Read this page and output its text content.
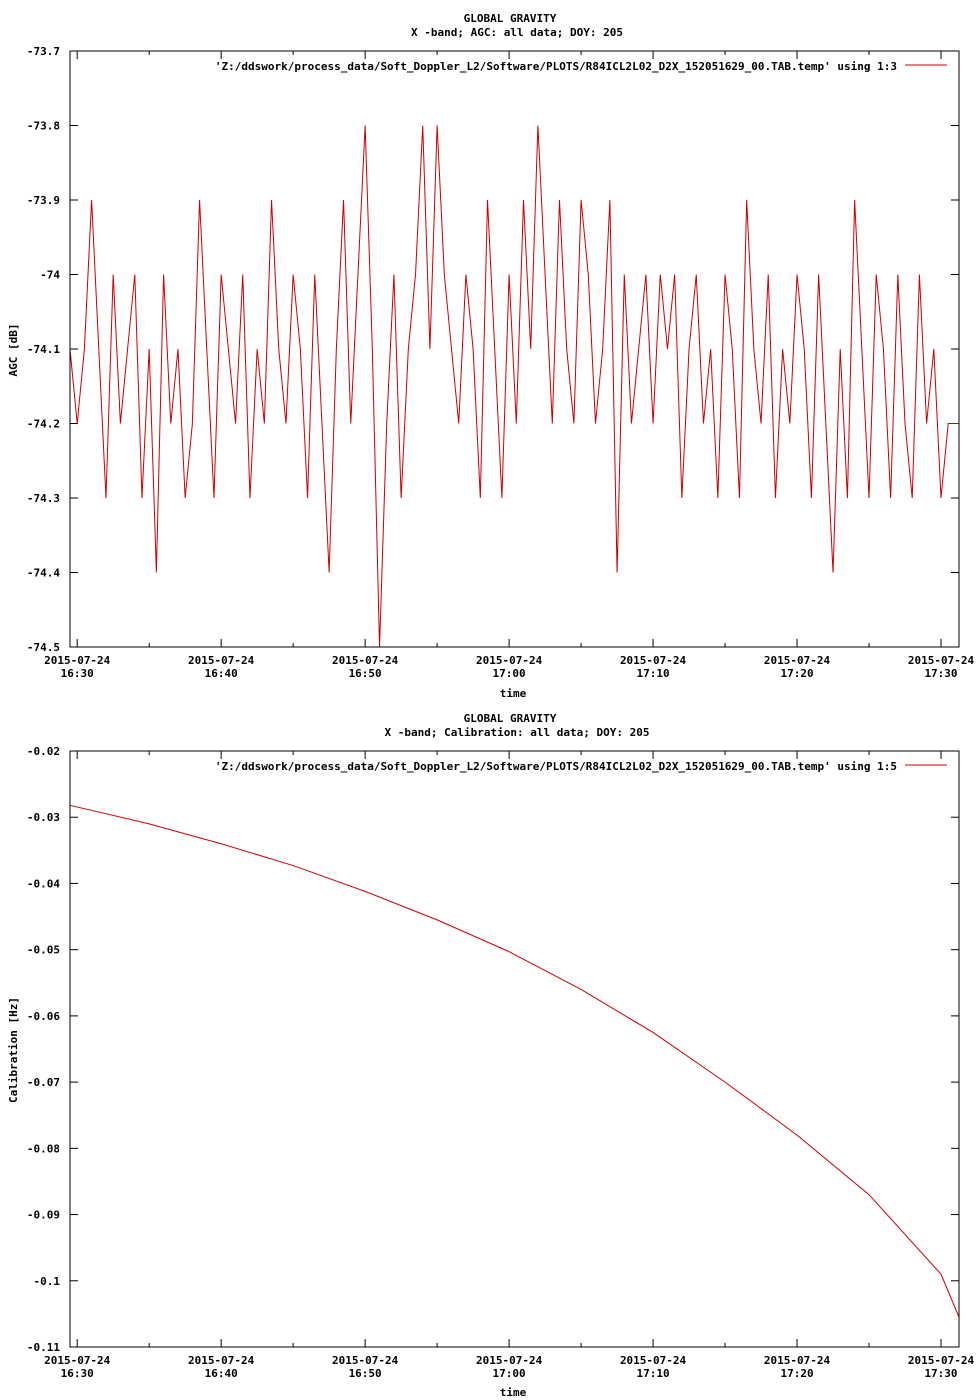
GLOBAL GRAVITY
X -band; AGC: all data; DOY: 205
'Z:/ddswork/process_data/Soft_Doppler_L2/Software/PLOTS/R84ICL2L02_D2X_152051629_00.TAB.temp' using 1:3
AGC [dB]
time
-73.7
-73.8
-73.9
-74
-74.1
-74.2
-74.3
-74.4
-74.5
2015-07-24
16:30
2015-07-24
16:40
2015-07-24
16:50
2015-07-24
17:00
2015-07-24
17:10
2015-07-24
17:20
2015-07-24
17:30
GLOBAL GRAVITY
X -band; Calibration: all data; DOY: 205
'Z:/ddswork/process_data/Soft_Doppler_L2/Software/PLOTS/R84ICL2L02_D2X_152051629_00.TAB.temp' using 1:5
Calibration [Hz]
time
-0.02
-0.03
-0.04
-0.05
-0.06
-0.07
-0.08
-0.09
-0.1
-0.11
2015-07-24
16:30
2015-07-24
16:40
2015-07-24
16:50
2015-07-24
17:00
2015-07-24
17:10
2015-07-24
17:20
2015-07-24
17:30
